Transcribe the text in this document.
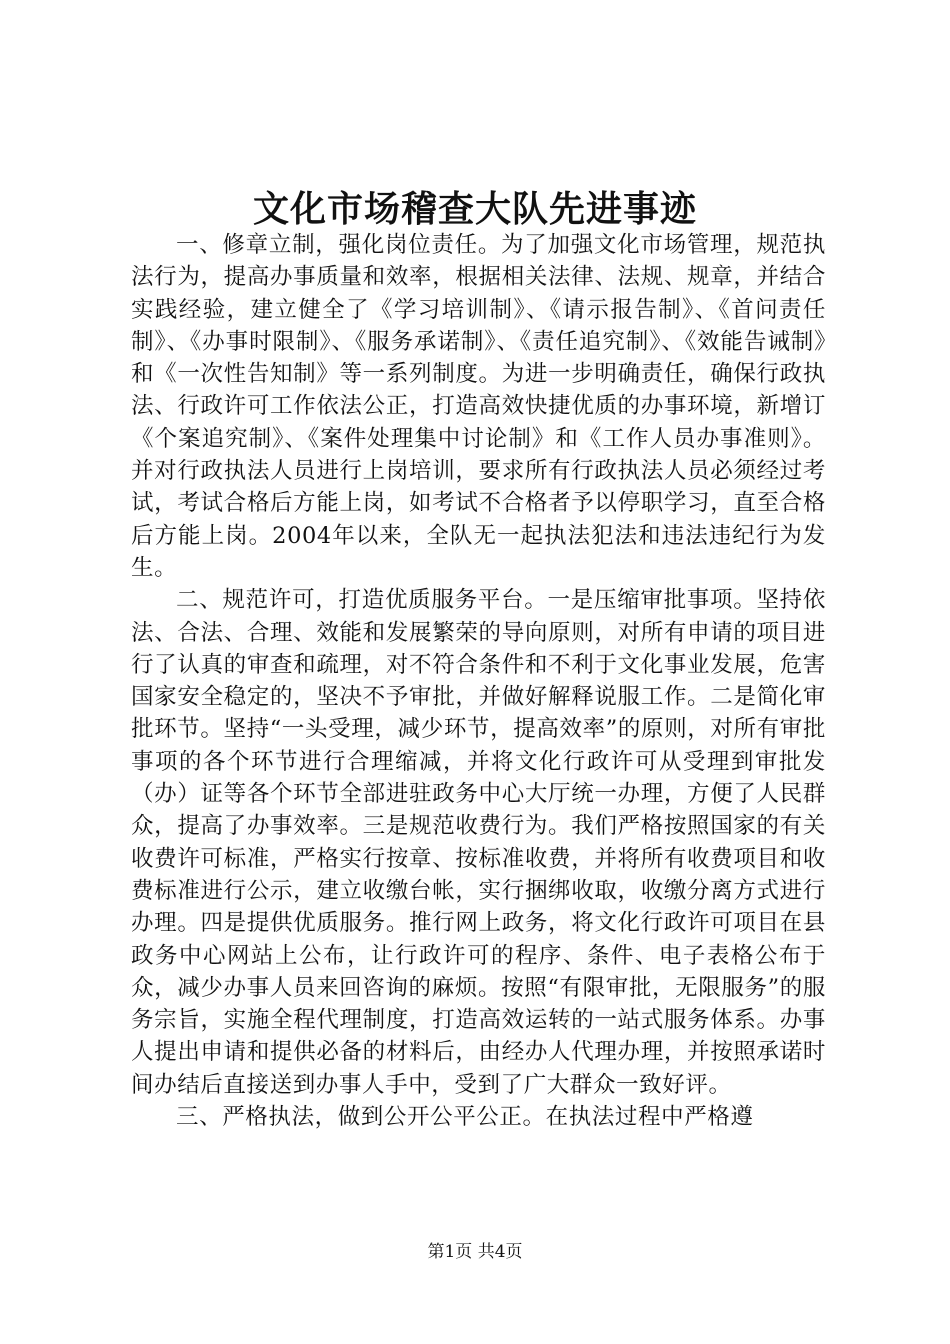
文化市场稽查大队先进事迹

一、修章立制，强化岗位责任。为了加强文化市场管理，规范执法行为，提高办事质量和效率，根据相关法律、法规、规章，并结合实践经验，建立健全了《学习培训制》、《请示报告制》、《首问责任制》、《办事时限制》、《服务承诺制》、《责任追究制》、《效能告诫制》和《一次性告知制》等一系列制度。为进一步明确责任，确保行政执法、行政许可工作依法公正，打造高效快捷优质的办事环境，新增订《个案追究制》、《案件处理集中讨论制》和《工作人员办事准则》。并对行政执法人员进行上岗培训，要求所有行政执法人员必须经过考试，考试合格后方能上岗，如考试不合格者予以停职学习，直至合格后方能上岗。2004年以来，全队无一起执法犯法和违法违纪行为发生。

二、规范许可，打造优质服务平台。一是压缩审批事项。坚持依法、合法、合理、效能和发展繁荣的导向原则，对所有申请的项目进行了认真的审查和疏理，对不符合条件和不利于文化事业发展，危害国家安全稳定的，坚决不予审批，并做好解释说服工作。二是简化审批环节。坚持“一头受理，减少环节，提高效率”的原则，对所有审批事项的各个环节进行合理缩减，并将文化行政许可从受理到审批发（办）证等各个环节全部进驻政务中心大厅统一办理，方便了人民群众，提高了办事效率。三是规范收费行为。我们严格按照国家的有关收费许可标准，严格实行按章、按标准收费，并将所有收费项目和收费标准进行公示，建立收缴台帐，实行捆绑收取，收缴分离方式进行办理。四是提供优质服务。推行网上政务，将文化行政许可项目在县政务中心网站上公布，让行政许可的程序、条件、电子表格公布于众，减少办事人员来回咨询的麻烦。按照“有限审批，无限服务”的服务宗旨，实施全程代理制度，打造高效运转的一站式服务体系。办事人提出申请和提供必备的材料后，由经办人代理办理，并按照承诺时间办结后直接送到办事人手中，受到了广大群众一致好评。

三、严格执法，做到公开公平公正。在执法过程中严格遵

第1页 共4页
